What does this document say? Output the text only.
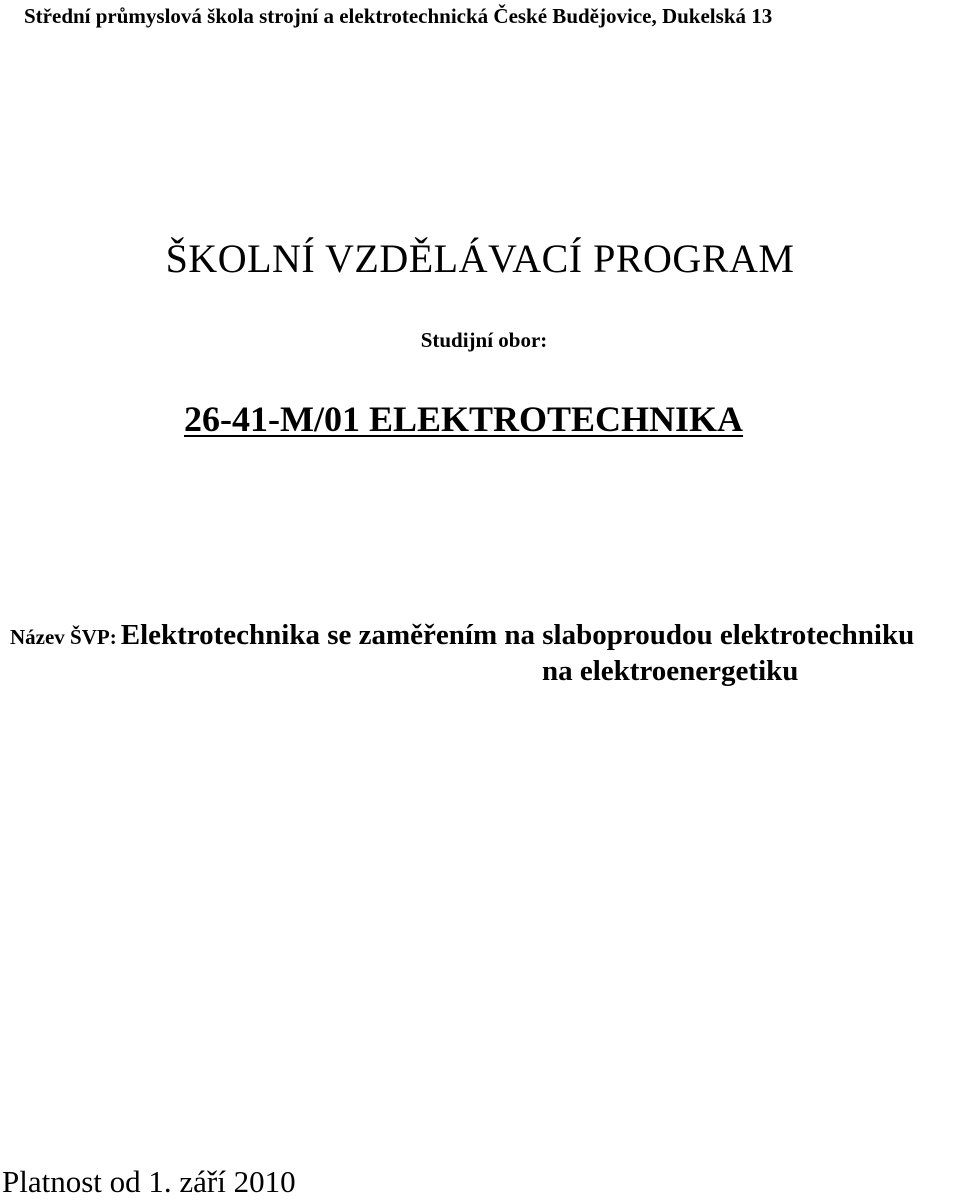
Střední průmyslová škola strojní a elektrotechnická České Budějovice, Dukelská 13
ŠKOLNÍ VZDĚLÁVACÍ PROGRAM
Studijní obor:
26-41-M/01 ELEKTROTECHNIKA
Název ŠVP: Elektrotechnika se zaměřením na slaboproudou elektrotechniku
na elektroenergetiku
Platnost od 1. září 2010
